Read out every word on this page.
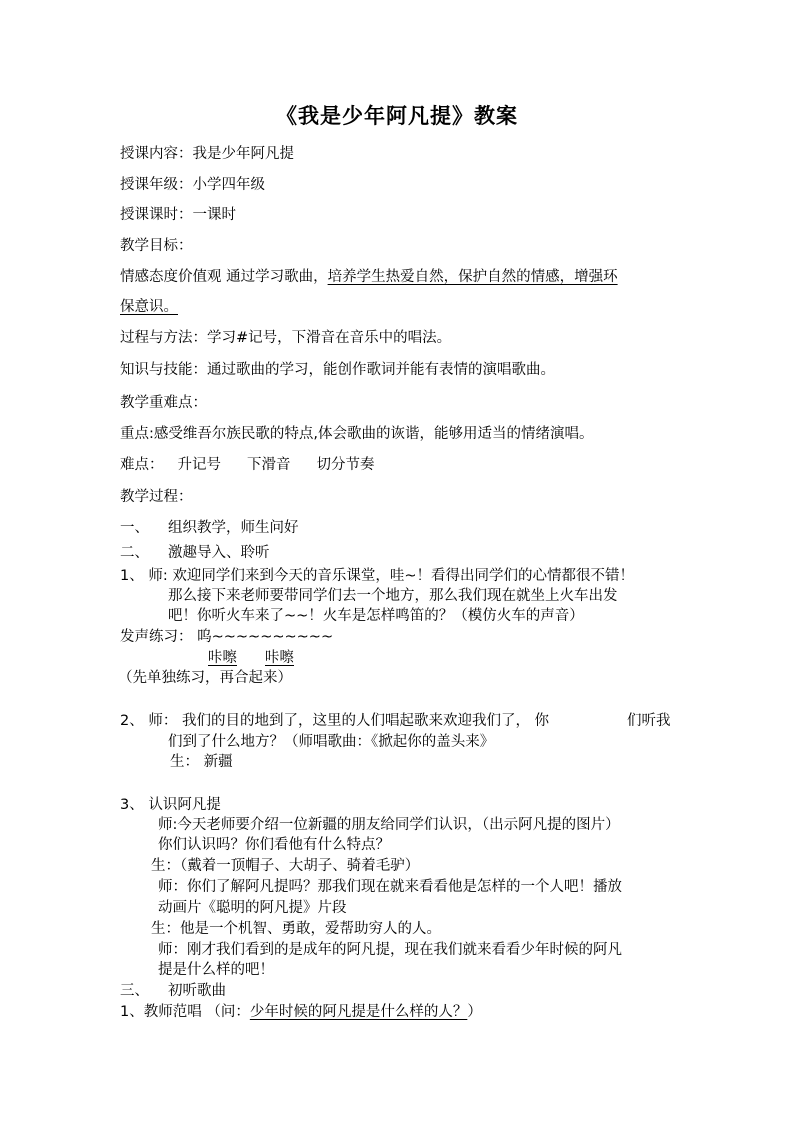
《我是少年阿凡提》教案
授课内容：我是少年阿凡提
授课年级：小学四年级
授课课时：一课时
教学目标：
情感态度价值观 通过学习歌曲，培养学生热爱自然，保护自然的情感，增强环
保意识。
过程与方法：学习#记号，下滑音在音乐中的唱法。
知识与技能：通过歌曲的学习，能创作歌词并能有表情的演唱歌曲。
教学重难点：
重点:感受维吾尔族民歌的特点,体会歌曲的诙谐，能够用适当的情绪演唱。
难点： 升记号 下滑音 切分节奏
教学过程：
一、 组织教学，师生问好
二、 激趣导入、聆听
1、 师: 欢迎同学们来到今天的音乐课堂，哇~！看得出同学们的心情都很不错！
那么接下来老师要带同学们去一个地方，那么我们现在就坐上火车出发
吧！你听火车来了~~！火车是怎样鸣笛的？（模仿火车的声音）
发声练习： 呜~~~~~~~~~~
咔嚓 咔嚓
（先单独练习，再合起来）
2、 师： 我们的目的地到了，这里的人们唱起歌来欢迎我们了， 你	们听我
们到了什么地方？（师唱歌曲：《掀起你的盖头来》
生： 新疆
3、 认识阿凡提
师:今天老师要介绍一位新疆的朋友给同学们认识，（出示阿凡提的图片）
你们认识吗？你们看他有什么特点？
生：（戴着一顶帽子、大胡子、骑着毛驴）
师：你们了解阿凡提吗？那我们现在就来看看他是怎样的一个人吧！播放
动画片《聪明的阿凡提》片段
生：他是一个机智、勇敢，爱帮助穷人的人。
师：刚才我们看到的是成年的阿凡提，现在我们就来看看少年时候的阿凡
提是什么样的吧！
三、 初听歌曲
1、教师范唱 （问：少年时候的阿凡提是什么样的人？）
